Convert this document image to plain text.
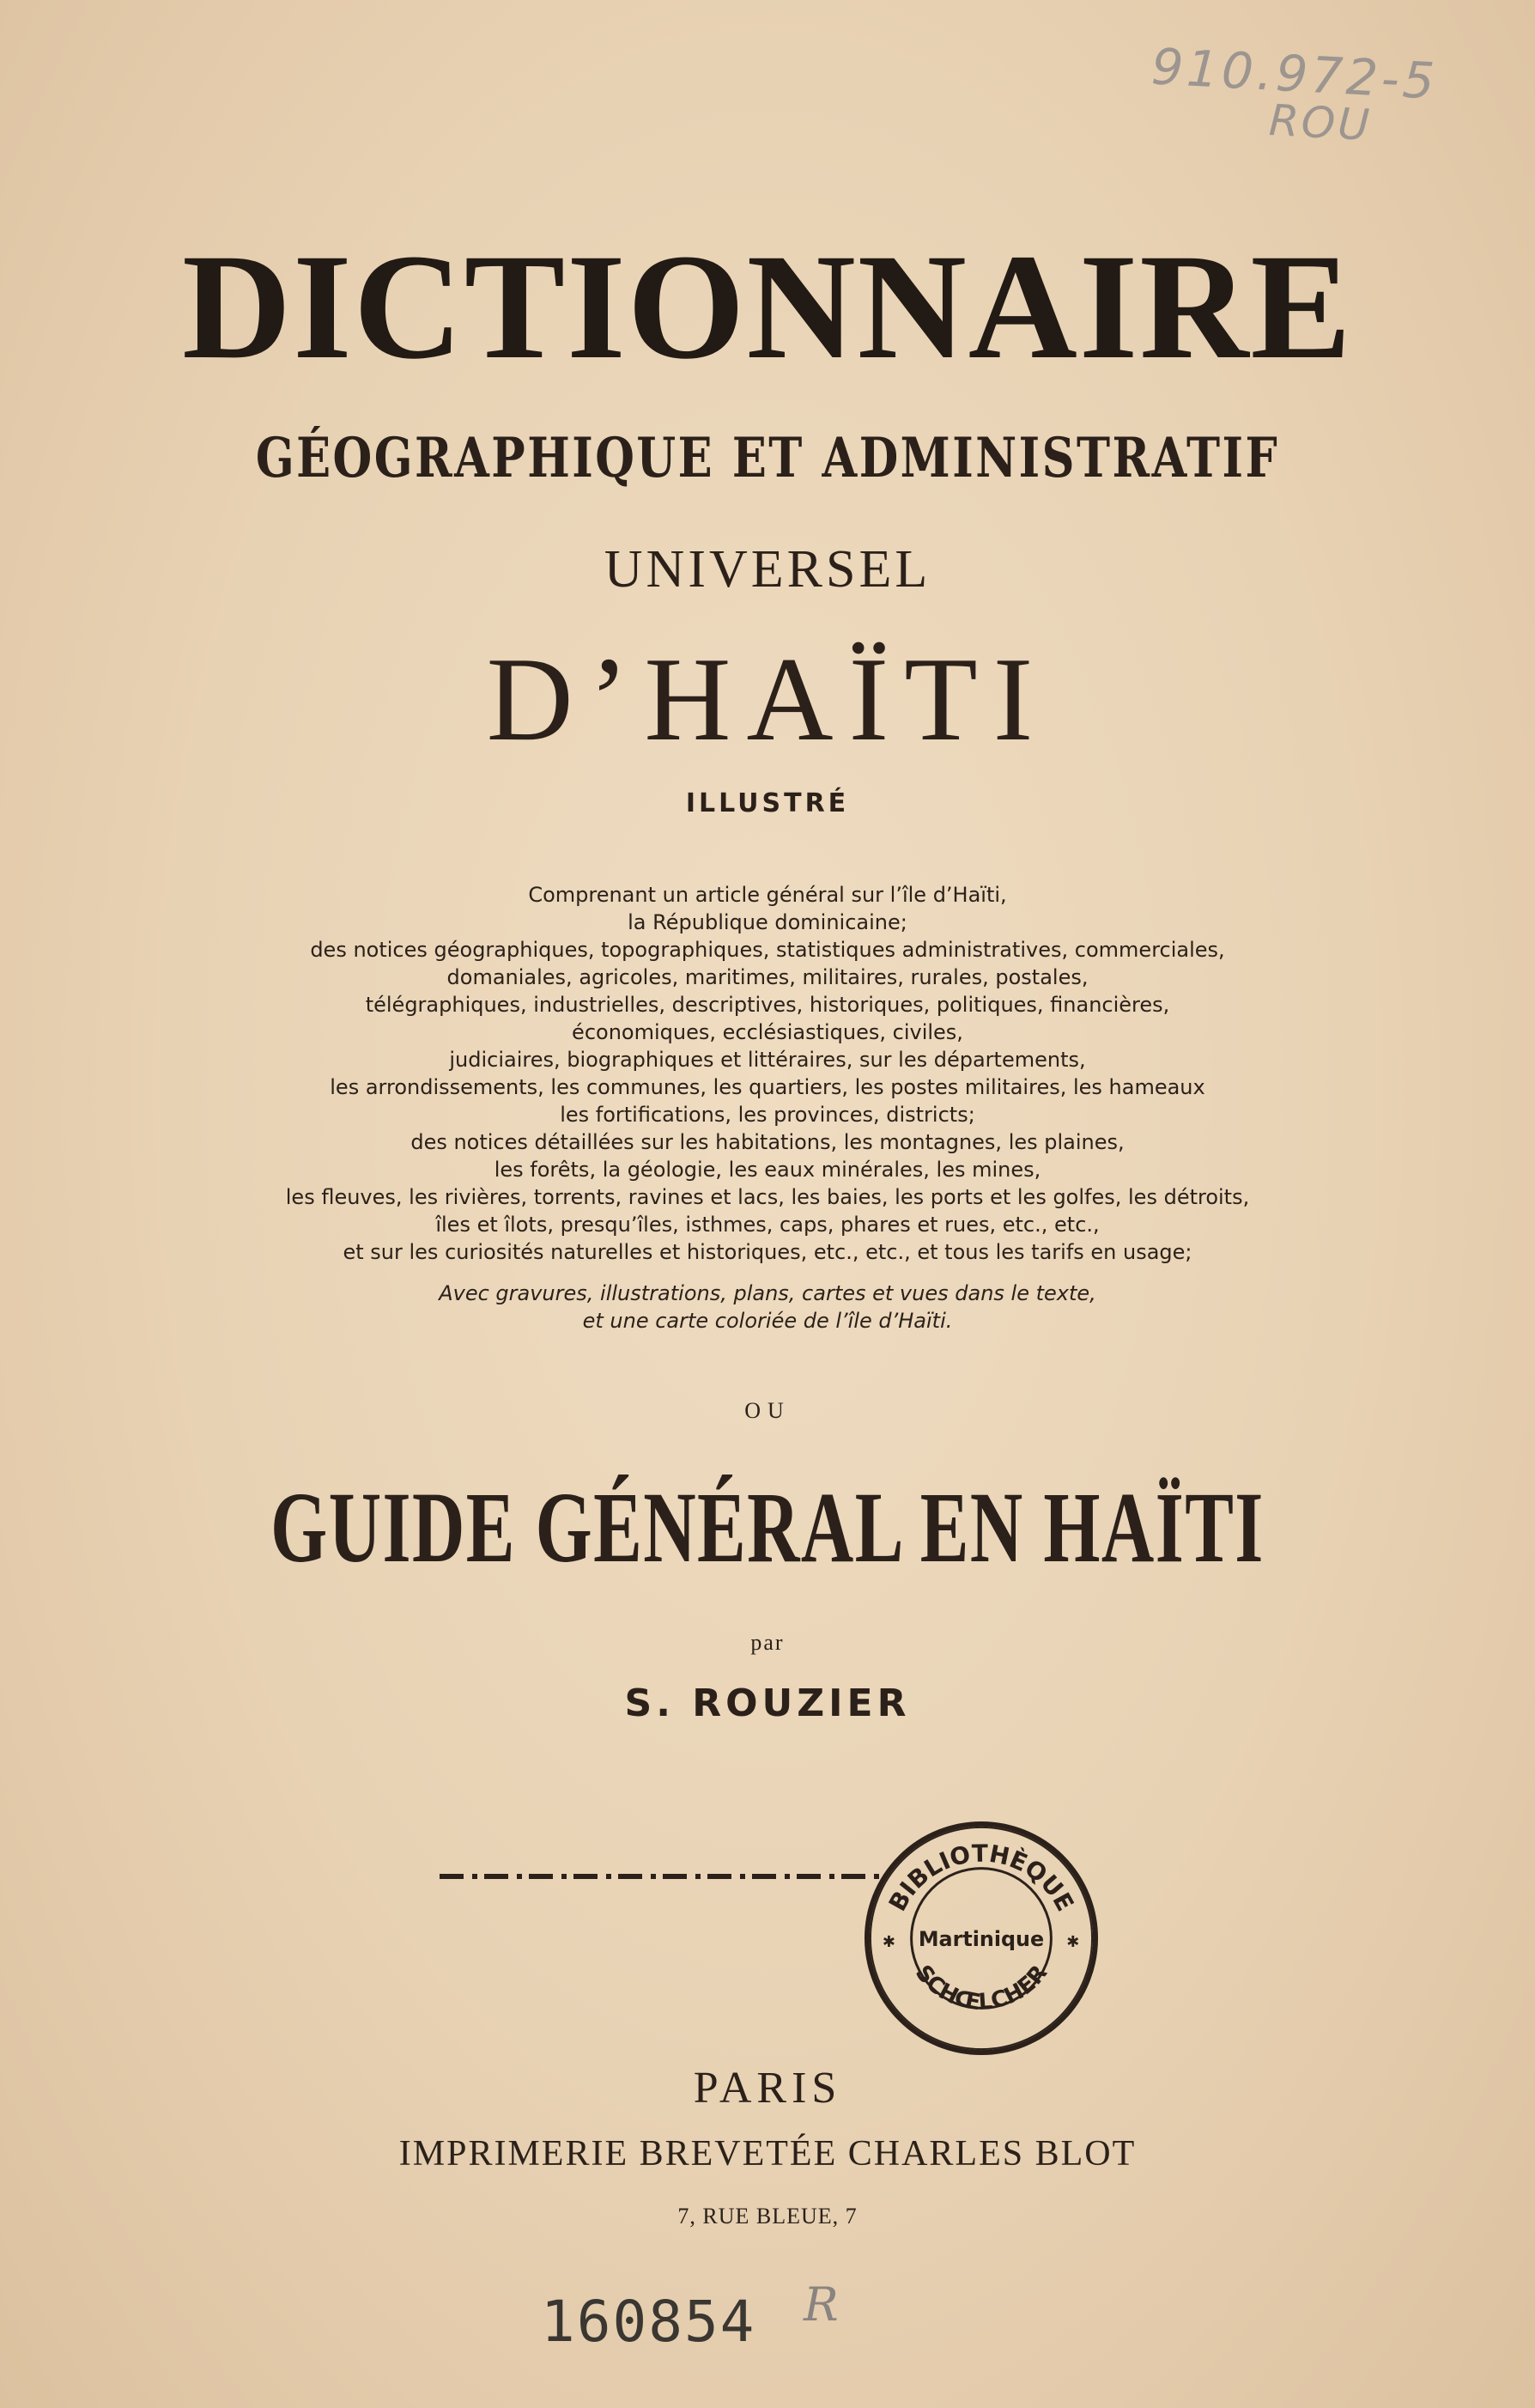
910.972-5
ROU
DICTIONNAIRE
GÉOGRAPHIQUE ET ADMINISTRATIF
UNIVERSEL
D’HAÏTI
ILLUSTRÉ
Comprenant un article général sur l’île d’Haïti,
la République dominicaine;
des notices géographiques, topographiques, statistiques administratives, commerciales,
domaniales, agricoles, maritimes, militaires, rurales, postales,
télégraphiques, industrielles, descriptives, historiques, politiques, financières,
économiques, ecclésiastiques, civiles,
judiciaires, biographiques et littéraires, sur les départements,
les arrondissements, les communes, les quartiers, les postes militaires, les hameaux
les fortifications, les provinces, districts;
des notices détaillées sur les habitations, les montagnes, les plaines,
les forêts, la géologie, les eaux minérales, les mines,
les fleuves, les rivières, torrents, ravines et lacs, les baies, les ports et les golfes, les détroits,
îles et îlots, presqu’îles, isthmes, caps, phares et rues, etc., etc.,
et sur les curiosités naturelles et historiques, etc., etc., et tous les tarifs en usage;
Avec gravures, illustrations, plans, cartes et vues dans le texte,
et une carte coloriée de l’île d’Haïti.
OU
GUIDE GÉNÉRAL EN HAÏTI
par
S. ROUZIER
BIBLIOTHÈQUE
SCHŒLCHER
Martinique
✱	✱
PARIS
IMPRIMERIE BREVETÉE CHARLES BLOT
7, RUE BLEUE, 7
160854 R
